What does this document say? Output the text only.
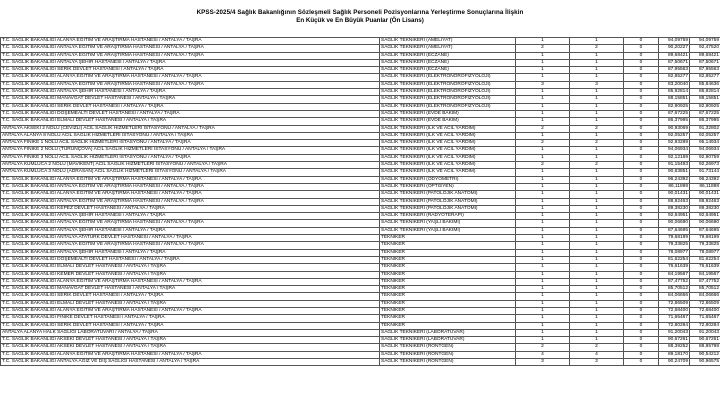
KPSS-2025/4 Sağlık Bakanlığının Sözleşmeli Sağlık Personeli Pozisyonlarına Yerleştirme Sonuçlarına İlişkin
En Küçük ve En Büyük Puanlar (Ön Lisans)
T.C. SAĞLIK BAKANLIĞI ALANYA EĞİTİM VE ARAŞTIRMA HASTANESİ / ANTALYA / TAŞRA	SAĞLIK TEKNİKERİ (AMELİYAT)	1	1	0	94,09759	94,09759
T.C. SAĞLIK BAKANLIĞI ANTALYA EĞİTİM VE ARAŞTIRMA HASTANESİ / ANTALYA / TAŞRA	SAĞLIK TEKNİKERİ (AMELİYAT)	2	2	0	90,20227	92,47520
T.C. SAĞLIK BAKANLIĞI ANTALYA EĞİTİM VE ARAŞTIRMA HASTANESİ / ANTALYA / TAŞRA	SAĞLIK TEKNİKERİ (ECZANE)	1	1	0	89,68421	89,68421
T.C. SAĞLIK BAKANLIĞI ANTALYA ŞEHİR HASTANESİ / ANTALYA / TAŞRA	SAĞLIK TEKNİKERİ (ECZANE)	1	1	0	87,50671	87,50671
T.C. SAĞLIK BAKANLIĞI SERİK DEVLET HASTANESİ / ANTALYA / TAŞRA	SAĞLIK TEKNİKERİ (ECZANE)	1	1	0	87,95563	87,95563
T.C. SAĞLIK BAKANLIĞI ALANYA EĞİTİM VE ARAŞTIRMA HASTANESİ / ANTALYA / TAŞRA	SAĞLIK TEKNİKERİ (ELEKTRONÖROFİZYOLOJİ)	1	1	0	82,85277	82,85277
T.C. SAĞLIK BAKANLIĞI ANTALYA EĞİTİM VE ARAŞTIRMA HASTANESİ / ANTALYA / TAŞRA	SAĞLIK TEKNİKERİ (ELEKTRONÖROFİZYOLOJİ)	3	3	0	83,20040	85,84636
T.C. SAĞLIK BAKANLIĞI ANTALYA ŞEHİR HASTANESİ / ANTALYA / TAŞRA	SAĞLIK TEKNİKERİ (ELEKTRONÖROFİZYOLOJİ)	1	1	0	85,92814	85,92814
T.C. SAĞLIK BAKANLIĞI MANAVGAT DEVLET HASTANESİ / ANTALYA / TAŞRA	SAĞLIK TEKNİKERİ (ELEKTRONÖROFİZYOLOJİ)	1	1	0	88,15851	88,15851
T.C. SAĞLIK BAKANLIĞI SERİK DEVLET HASTANESİ / ANTALYA / TAŞRA	SAĞLIK TEKNİKERİ (ELEKTRONÖROFİZYOLOJİ)	1	1	0	82,90925	82,90925
T.C. SAĞLIK BAKANLIĞI DÖŞEMEALTI DEVLET HASTANESİ / ANTALYA / TAŞRA	SAĞLIK TEKNİKERİ (EVDE BAKIM)	1	1	0	87,67225	87,67225
T.C. SAĞLIK BAKANLIĞI ELMALI DEVLET HASTANESİ / ANTALYA / TAŞRA	SAĞLIK TEKNİKERİ (EVDE BAKIM)	1	1	0	86,37995	86,37995
ANTALYA AKSEKİ 2 NOLU (CEVİZLİ) ACİL SAĞLIK HİZMETLERİ İSTASYONU / ANTALYA / TAŞRA	SAĞLIK TEKNİKERİ (İLK VE ACİL YARDIM)	2	2	0	90,93069	91,32802
ANTALYA ALANYA 8 NOLU ACİL SAĞLIK HİZMETLERİ İSTASYONU / ANTALYA / TAŞRA	SAĞLIK TEKNİKERİ (İLK VE ACİL YARDIM)	1	1	0	92,05257	92,05257
ANTALYA FİNİKE 1 NOLU ACİL SAĞLIK HİZMETLERİ İSTASYONU / ANTALYA / TAŞRA	SAĞLIK TEKNİKERİ (İLK VE ACİL YARDIM)	2	2	0	92,93289	95,14934
ANTALYA FİNİKE 2 NOLU (TURUNÇOVA) ACİL SAĞLIK HİZMETLERİ İSTASYONU / ANTALYA / TAŞRA	SAĞLIK TEKNİKERİ (İLK VE ACİL YARDIM)	1	1	0	94,06934	94,06934
ANTALYA FİNİKE 3 NOLU ACİL SAĞLIK HİZMETLERİ İSTASYONU / ANTALYA / TAŞRA	SAĞLIK TEKNİKERİ (İLK VE ACİL YARDIM)	1	1	0	92,12169	92,90759
ANTALYA KUMLUCA 2 NOLU (MAVİKENT) ACİL SAĞLIK HİZMETLERİ İSTASYONU / ANTALYA / TAŞRA	SAĞLIK TEKNİKERİ (İLK VE ACİL YARDIM)	2	2	0	91,15493	92,26973
ANTALYA KUMLUCA 3 NOLU (ADRASAN) ACİL SAĞLIK HİZMETLERİ İSTASYONU / ANTALYA / TAŞRA	SAĞLIK TEKNİKERİ (İLK VE ACİL YARDIM)	1	1	0	90,63851	91,73144
T.C. SAĞLIK BAKANLIĞI ALANYA EĞİTİM VE ARAŞTIRMA HASTANESİ / ANTALYA / TAŞRA	SAĞLIK TEKNİKERİ (ODYOMETRİ)	1	1	0	96,24392	96,24392
T.C. SAĞLIK BAKANLIĞI ANTALYA EĞİTİM VE ARAŞTIRMA HASTANESİ / ANTALYA / TAŞRA	SAĞLIK TEKNİKERİ (OPTİSYEN)	1	1	0	86,11898	86,11898
T.C. SAĞLIK BAKANLIĞI ALANYA EĞİTİM VE ARAŞTIRMA HASTANESİ / ANTALYA / TAŞRA	SAĞLIK TEKNİKERİ (PATOLOJİK ANATOMİ)	1	1	0	90,01431	90,01431
T.C. SAĞLIK BAKANLIĞI ANTALYA EĞİTİM VE ARAŞTIRMA HASTANESİ / ANTALYA / TAŞRA	SAĞLIK TEKNİKERİ (PATOLOJİK ANATOMİ)	1	1	0	88,92463	88,92463
T.C. SAĞLIK BAKANLIĞI KEPEZ DEVLET HASTANESİ / ANTALYA / TAŞRA	SAĞLIK TEKNİKERİ (PATOLOJİK ANATOMİ)	1	1	0	89,38230	89,38230
T.C. SAĞLIK BAKANLIĞI ANTALYA ŞEHİR HASTANESİ / ANTALYA / TAŞRA	SAĞLIK TEKNİKERİ (RADYOTERAPİ)	1	1	0	92,64951	92,64951
T.C. SAĞLIK BAKANLIĞI ANTALYA EĞİTİM VE ARAŞTIRMA HASTANESİ / ANTALYA / TAŞRA	SAĞLIK TEKNİKERİ (YAŞLI BAKIMI)	1	1	0	90,06690	90,06690
T.C. SAĞLIK BAKANLIĞI ANTALYA ŞEHİR HASTANESİ / ANTALYA / TAŞRA	SAĞLIK TEKNİKERİ (YAŞLI BAKIMI)	1	1	0	87,64695	87,64695
T.C. SAĞLIK BAKANLIĞI ANTALYA ATATÜRK DEVLET HASTANESİ / ANTALYA / TAŞRA	TEKNİKER	1	1	0	79,68199	79,68199
T.C. SAĞLIK BAKANLIĞI ANTALYA EĞİTİM VE ARAŞTIRMA HASTANESİ / ANTALYA / TAŞRA	TEKNİKER	1	1	0	79,33825	79,33825
T.C. SAĞLIK BAKANLIĞI ANTALYA ŞEHİR HASTANESİ / ANTALYA / TAŞRA	TEKNİKER	1	1	0	78,08977	78,08977
T.C. SAĞLIK BAKANLIĞI DÖŞEMEALTI DEVLET HASTANESİ / ANTALYA / TAŞRA	TEKNİKER	1	1	0	81,62254	81,62254
T.C. SAĞLIK BAKANLIĞI ELMALI DEVLET HASTANESİ / ANTALYA / TAŞRA	TEKNİKER	1	1	0	76,61639	76,61639
T.C. SAĞLIK BAKANLIĞI KEMER DEVLET HASTANESİ / ANTALYA / TAŞRA	TEKNİKER	1	1	0	84,19567	84,19567
T.C. SAĞLIK BAKANLIĞI ALANYA EĞİTİM VE ARAŞTIRMA HASTANESİ / ANTALYA / TAŞRA	TEKNİKER	1	1	0	87,47752	87,47752
T.C. SAĞLIK BAKANLIĞI MANAVGAT DEVLET HASTANESİ / ANTALYA / TAŞRA	TEKNİKER	1	1	0	85,70512	85,70512
T.C. SAĞLIK BAKANLIĞI SERİK DEVLET HASTANESİ / ANTALYA / TAŞRA	TEKNİKER	1	1	0	84,06666	84,06666
T.C. SAĞLIK BAKANLIĞI ELMALI DEVLET HASTANESİ / ANTALYA / TAŞRA	TEKNİKER	1	1	0	72,86509	72,86509
T.C. SAĞLIK BAKANLIĞI ALANYA EĞİTİM VE ARAŞTIRMA HASTANESİ / ANTALYA / TAŞRA	TEKNİKER	1	1	0	72,68400	72,68400
T.C. SAĞLIK BAKANLIĞI FİNİKE DEVLET HASTANESİ / ANTALYA / TAŞRA	TEKNİKER	1	1	0	71,65467	71,65467
T.C. SAĞLIK BAKANLIĞI SERİK DEVLET HASTANESİ / ANTALYA / TAŞRA	TEKNİKER	1	1	0	72,80284	72,80284
ANTALYA ALANYA HALK SAĞLIĞI LABORATUVARI / ANTALYA / TAŞRA	SAĞLIK TEKNİKERİ (LABORATUVAR)	1	1	0	91,20043	91,20043
T.C. SAĞLIK BAKANLIĞI AKSEKİ DEVLET HASTANESİ / ANTALYA / TAŞRA	SAĞLIK TEKNİKERİ (LABORATUVAR)	1	1	0	90,67261	90,67261
T.C. SAĞLIK BAKANLIĞI AKSEKİ DEVLET HASTANESİ / ANTALYA / TAŞRA	SAĞLIK TEKNİKERİ (RÖNTGEN)	2	2	0	88,39252	88,85798
T.C. SAĞLIK BAKANLIĞI ALANYA EĞİTİM VE ARAŞTIRMA HASTANESİ / ANTALYA / TAŞRA	SAĞLIK TEKNİKERİ (RÖNTGEN)	4	4	0	89,18170	90,54212
T.C. SAĞLIK BAKANLIĞI ANTALYA AĞIZ VE DİŞ SAĞLIĞI HASTANESİ / ANTALYA / TAŞRA	SAĞLIK TEKNİKERİ (RÖNTGEN)	3	3	0	90,24709	90,96575
